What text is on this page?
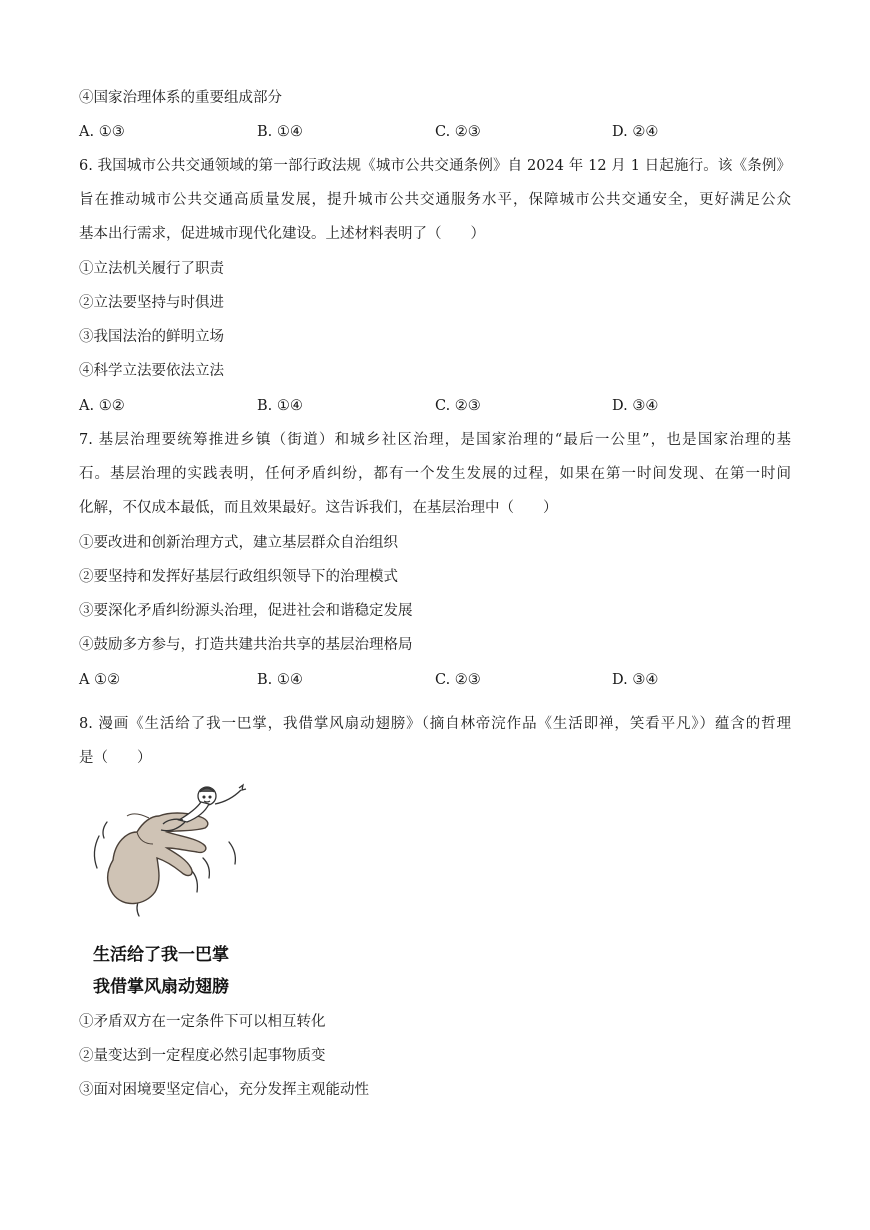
④国家治理体系的重要组成部分
A. ①③	B. ①④	C. ②③	D. ②④
6. 我国城市公共交通领域的第一部行政法规《城市公共交通条例》自 2024 年 12 月 1 日起施行。该《条例》
旨在推动城市公共交通高质量发展，提升城市公共交通服务水平，保障城市公共交通安全，更好满足公众
基本出行需求，促进城市现代化建设。上述材料表明了（　　）
①立法机关履行了职责
②立法要坚持与时俱进
③我国法治的鲜明立场
④科学立法要依法立法
A. ①②	B. ①④	C. ②③	D. ③④
7. 基层治理要统筹推进乡镇（街道）和城乡社区治理，是国家治理的“最后一公里”，也是国家治理的基
石。基层治理的实践表明，任何矛盾纠纷，都有一个发生发展的过程，如果在第一时间发现、在第一时间
化解，不仅成本最低，而且效果最好。这告诉我们，在基层治理中（　　）
①要改进和创新治理方式，建立基层群众自治组织
②要坚持和发挥好基层行政组织领导下的治理模式
③要深化矛盾纠纷源头治理，促进社会和谐稳定发展
④鼓励多方参与，打造共建共治共享的基层治理格局
A ①②	B. ①④	C. ②③	D. ③④
8. 漫画《生活给了我一巴掌，我借掌风扇动翅膀》（摘自林帝浣作品《生活即禅，笑看平凡》）蕴含的哲理
是（　　）
生活给了我一巴掌
我借掌风扇动翅膀
①矛盾双方在一定条件下可以相互转化
②量变达到一定程度必然引起事物质变
③面对困境要坚定信心，充分发挥主观能动性
